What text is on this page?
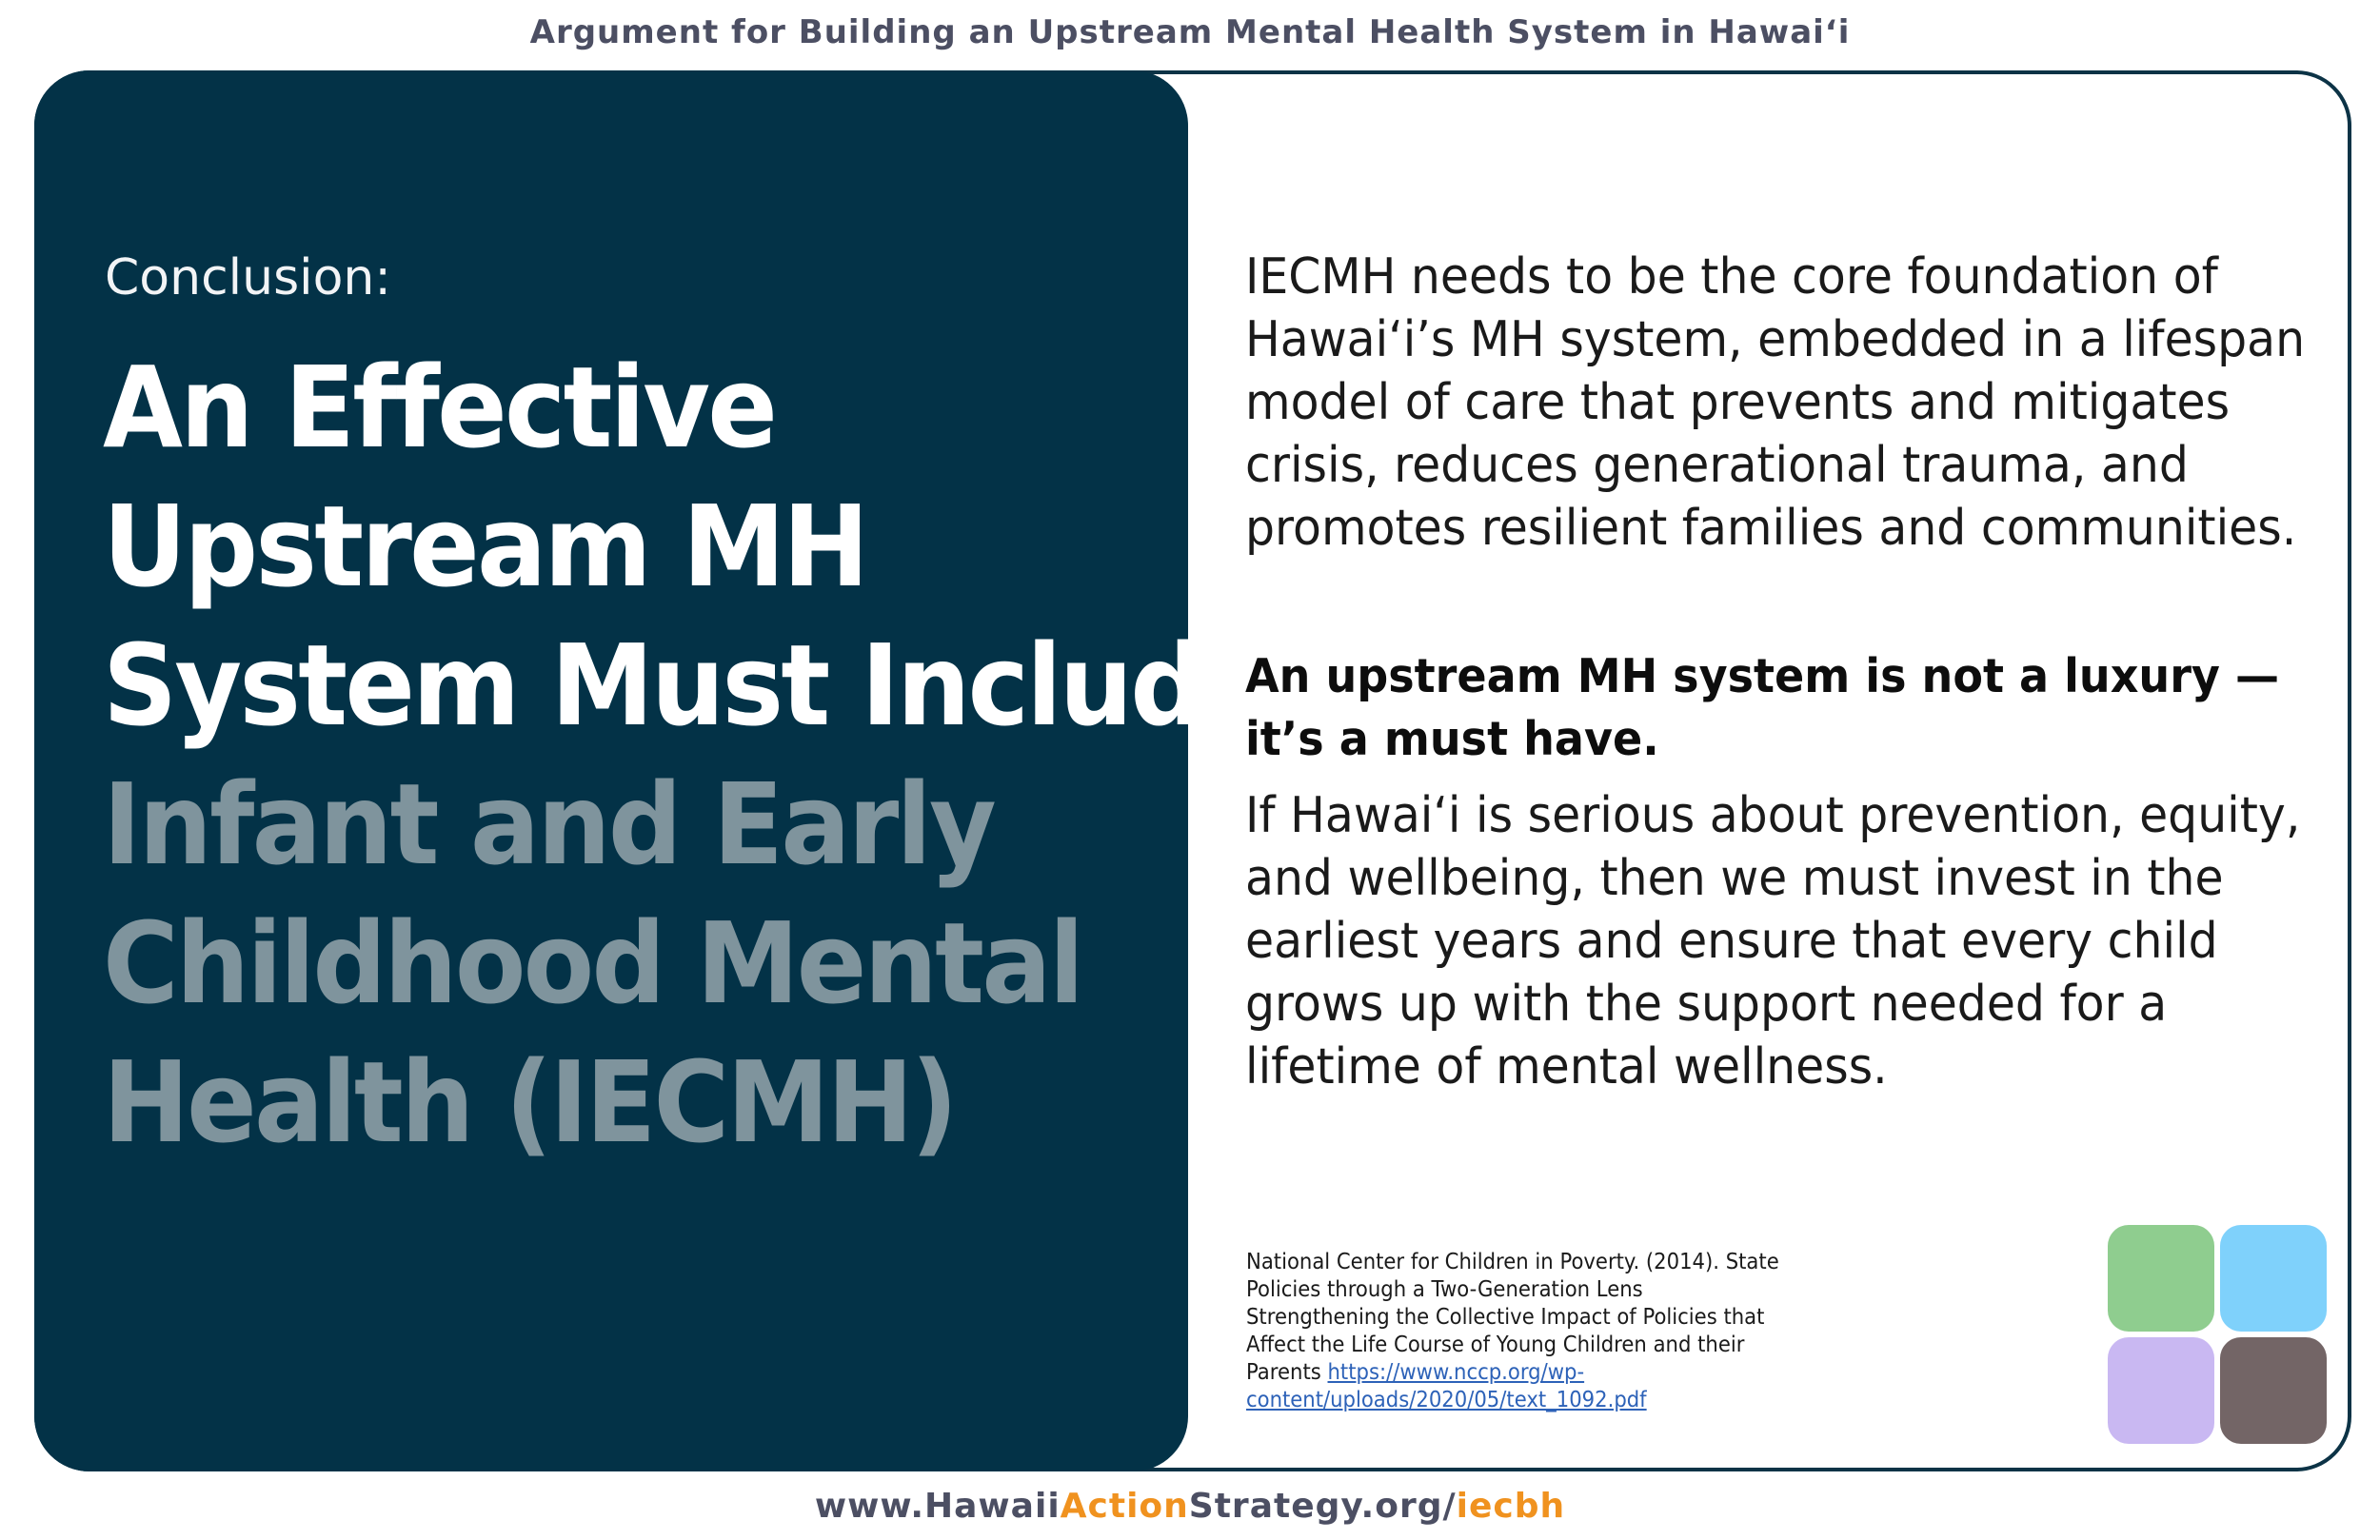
Argument for Building an Upstream Mental Health System in Hawaiʻi
Conclusion:
An Effective
Upstream MH
System Must Include
Infant and Early
Childhood Mental
Health (IECMH)

IECMH needs to be the core foundation of Hawaiʻi’s MH system, embedded in a lifespan model of care that prevents and mitigates crisis, reduces generational trauma, and promotes resilient families and communities.

An upstream MH system is not a luxury —it’s a must have.

If Hawaiʻi is serious about prevention, equity, and wellbeing, then we must invest in the earliest years and ensure that every child grows up with the support needed for a lifetime of mental wellness.

National Center for Children in Poverty. (2014). State Policies through a Two-Generation Lens Strengthening the Collective Impact of Policies that Affect the Life Course of Young Children and their Parents https://www.nccp.org/wp-content/uploads/2020/05/text_1092.pdf
www.HawaiiActionStrategy.org/iecbh
